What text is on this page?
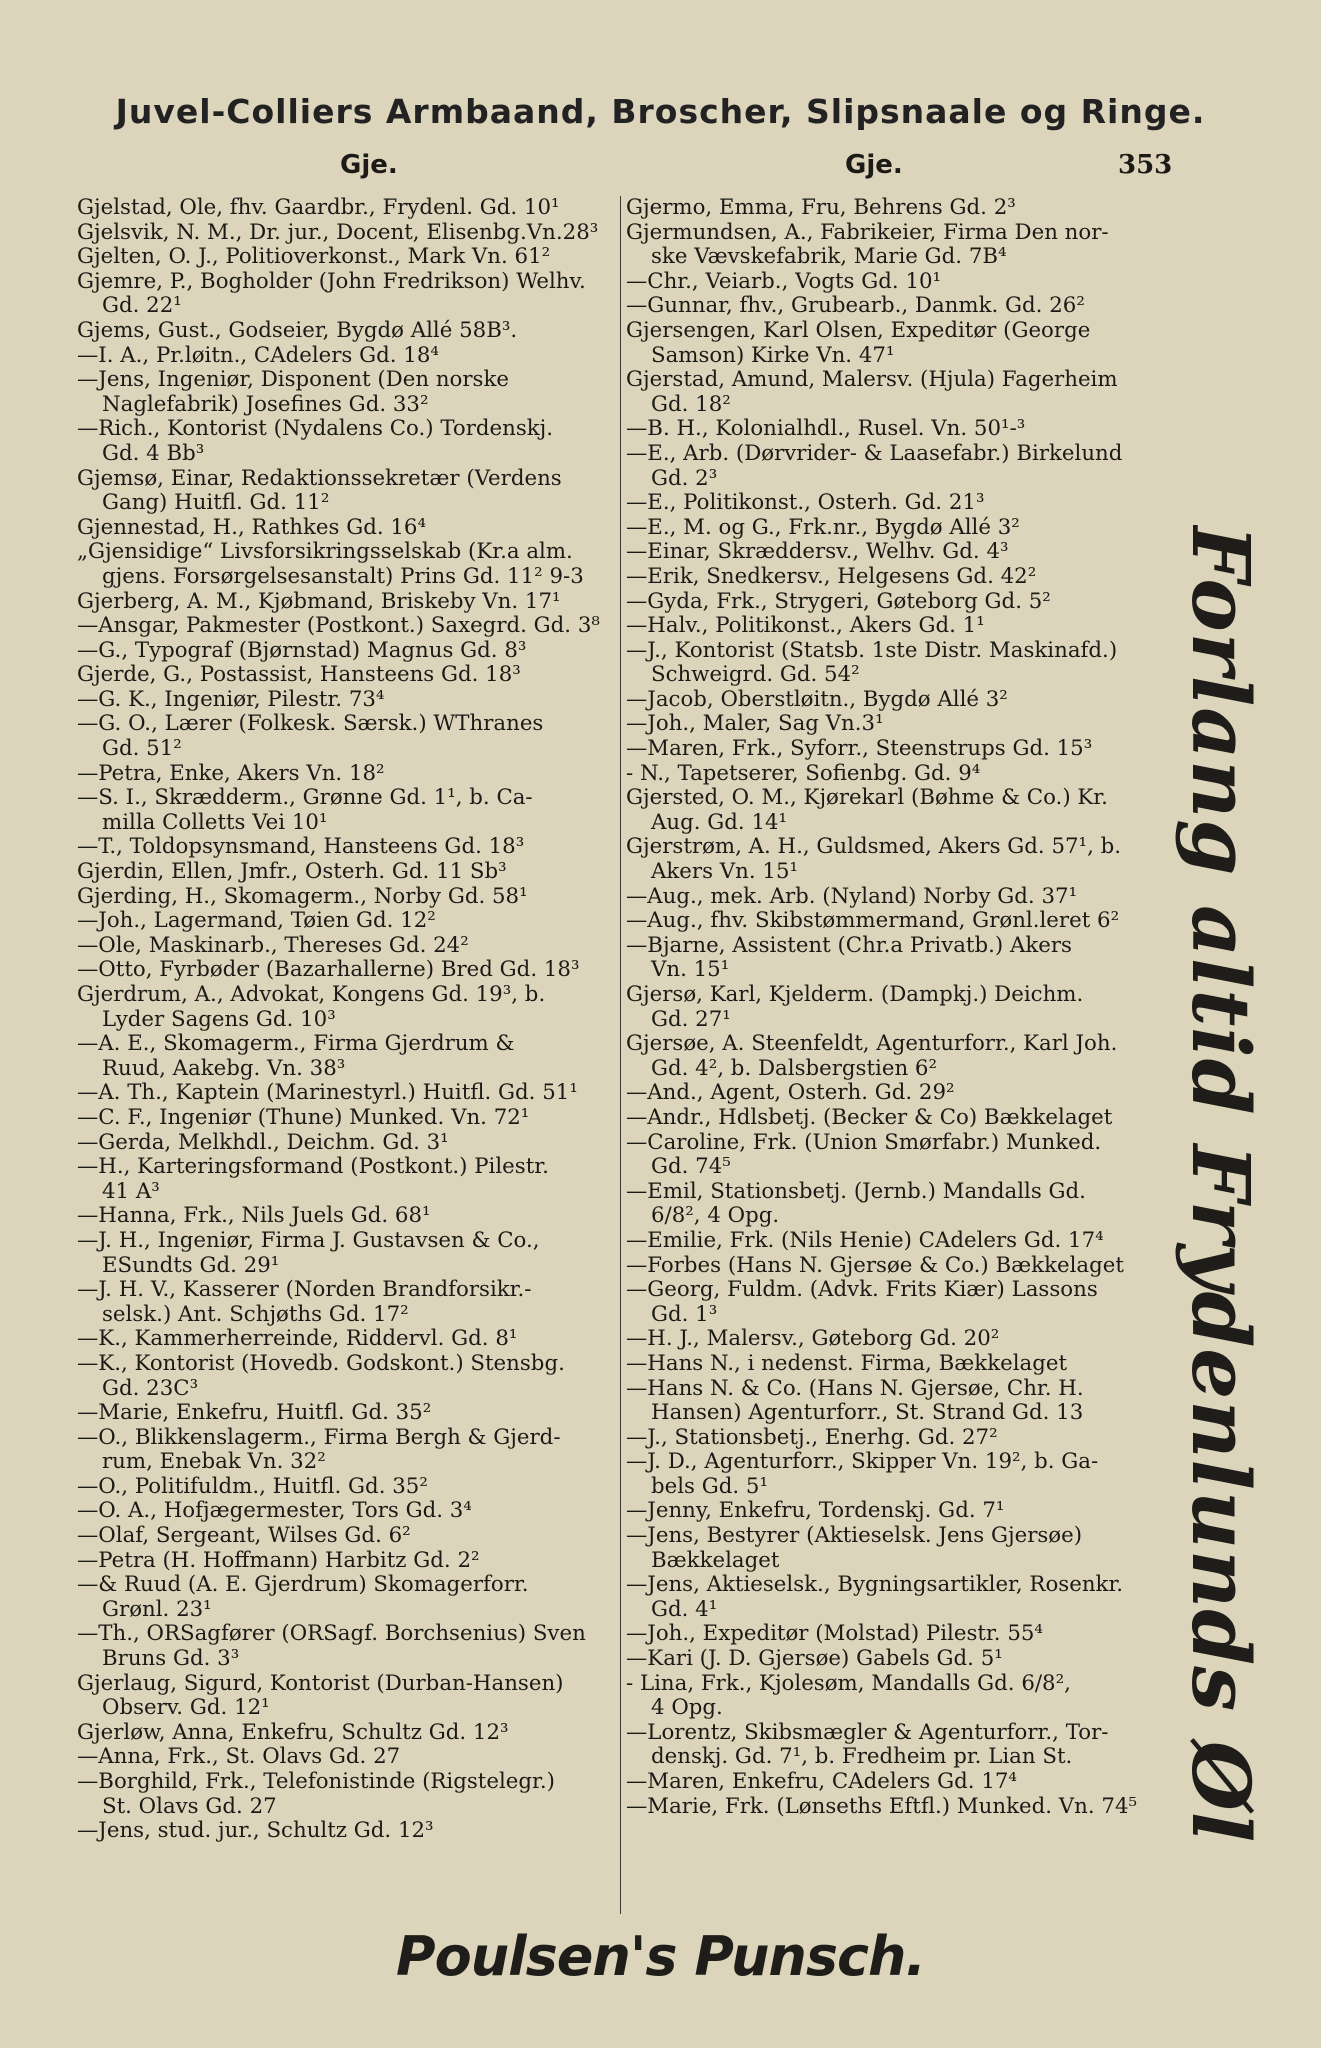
Juvel-Colliers Armbaand, Broscher, Slipsnaale og Ringe.
Gje.	Gje.	353
Gjelstad, Ole, fhv. Gaardbr., Frydenl. Gd. 10¹
Gjelsvik, N. M., Dr. jur., Docent, Elisenbg.Vn.28³
Gjelten, O. J., Politioverkonst., Mark Vn. 61²
Gjemre, P., Bogholder (John Fredrikson) Welhv.
Gd. 22¹
Gjems, Gust., Godseier, Bygdø Allé 58B³.
—I. A., Pr.løitn., CAdelers Gd. 18⁴
—Jens, Ingeniør, Disponent (Den norske
Naglefabrik) Josefines Gd. 33²
—Rich., Kontorist (Nydalens Co.) Tordenskj.
Gd. 4 Bb³
Gjemsø, Einar, Redaktionssekretær (Verdens
Gang) Huitfl. Gd. 11²
Gjennestad, H., Rathkes Gd. 16⁴
„Gjensidige“ Livsforsikringsselskab (Kr.a alm.
gjens. Forsørgelsesanstalt) Prins Gd. 11² 9-3
Gjerberg, A. M., Kjøbmand, Briskeby Vn. 17¹
—Ansgar, Pakmester (Postkont.) Saxegrd. Gd. 3⁸
—G., Typograf (Bjørnstad) Magnus Gd. 8³
Gjerde, G., Postassist, Hansteens Gd. 18³
—G. K., Ingeniør, Pilestr. 73⁴
—G. O., Lærer (Folkesk. Særsk.) WThranes
Gd. 51²
—Petra, Enke, Akers Vn. 18²
—S. I., Skrædderm., Grønne Gd. 1¹, b. Ca-
milla Colletts Vei 10¹
—T., Toldopsynsmand, Hansteens Gd. 18³
Gjerdin, Ellen, Jmfr., Osterh. Gd. 11 Sb³
Gjerding, H., Skomagerm., Norby Gd. 58¹
—Joh., Lagermand, Tøien Gd. 12²
—Ole, Maskinarb., Thereses Gd. 24²
—Otto, Fyrbøder (Bazarhallerne) Bred Gd. 18³
Gjerdrum, A., Advokat, Kongens Gd. 19³, b.
Lyder Sagens Gd. 10³
—A. E., Skomagerm., Firma Gjerdrum &
Ruud, Aakebg. Vn. 38³
—A. Th., Kaptein (Marinestyrl.) Huitfl. Gd. 51¹
—C. F., Ingeniør (Thune) Munked. Vn. 72¹
—Gerda, Melkhdl., Deichm. Gd. 3¹
—H., Karteringsformand (Postkont.) Pilestr.
41 A³
—Hanna, Frk., Nils Juels Gd. 68¹
—J. H., Ingeniør, Firma J. Gustavsen & Co.,
ESundts Gd. 29¹
—J. H. V., Kasserer (Norden Brandforsikr.-
selsk.) Ant. Schjøths Gd. 17²
—K., Kammerherreinde, Riddervl. Gd. 8¹
—K., Kontorist (Hovedb. Godskont.) Stensbg.
Gd. 23C³
—Marie, Enkefru, Huitfl. Gd. 35²
—O., Blikkenslagerm., Firma Bergh & Gjerd-
rum, Enebak Vn. 32²
—O., Politifuldm., Huitfl. Gd. 35²
—O. A., Hofjægermester, Tors Gd. 3⁴
—Olaf, Sergeant, Wilses Gd. 6²
—Petra (H. Hoffmann) Harbitz Gd. 2²
—& Ruud (A. E. Gjerdrum) Skomagerforr.
Grønl. 23¹
—Th., ORSagfører (ORSagf. Borchsenius) Sven
Bruns Gd. 3³
Gjerlaug, Sigurd, Kontorist (Durban-Hansen)
Observ. Gd. 12¹
Gjerløw, Anna, Enkefru, Schultz Gd. 12³
—Anna, Frk., St. Olavs Gd. 27
—Borghild, Frk., Telefonistinde (Rigstelegr.)
St. Olavs Gd. 27
—Jens, stud. jur., Schultz Gd. 12³
Gjermo, Emma, Fru, Behrens Gd. 2³
Gjermundsen, A., Fabrikeier, Firma Den nor-
ske Vævskefabrik, Marie Gd. 7B⁴
—Chr., Veiarb., Vogts Gd. 10¹
—Gunnar, fhv., Grubearb., Danmk. Gd. 26²
Gjersengen, Karl Olsen, Expeditør (George
Samson) Kirke Vn. 47¹
Gjerstad, Amund, Malersv. (Hjula) Fagerheim
Gd. 18²
—B. H., Kolonialhdl., Rusel. Vn. 50¹-³
—E., Arb. (Dørvrider- & Laasefabr.) Birkelund
Gd. 2³
—E., Politikonst., Osterh. Gd. 21³
—E., M. og G., Frk.nr., Bygdø Allé 3²
—Einar, Skræddersv., Welhv. Gd. 4³
—Erik, Snedkersv., Helgesens Gd. 42²
—Gyda, Frk., Strygeri, Gøteborg Gd. 5²
—Halv., Politikonst., Akers Gd. 1¹
—J., Kontorist (Statsb. 1ste Distr. Maskinafd.)
Schweigrd. Gd. 54²
—Jacob, Oberstløitn., Bygdø Allé 3²
—Joh., Maler, Sag Vn.3¹
—Maren, Frk., Syforr., Steenstrups Gd. 15³
- N., Tapetserer, Sofienbg. Gd. 9⁴
Gjersted, O. M., Kjørekarl (Bøhme & Co.) Kr.
Aug. Gd. 14¹
Gjerstrøm, A. H., Guldsmed, Akers Gd. 57¹, b.
Akers Vn. 15¹
—Aug., mek. Arb. (Nyland) Norby Gd. 37¹
—Aug., fhv. Skibstømmermand, Grønl.leret 6²
—Bjarne, Assistent (Chr.a Privatb.) Akers
Vn. 15¹
Gjersø, Karl, Kjelderm. (Dampkj.) Deichm.
Gd. 27¹
Gjersøe, A. Steenfeldt, Agenturforr., Karl Joh.
Gd. 4², b. Dalsbergstien 6²
—And., Agent, Osterh. Gd. 29²
—Andr., Hdlsbetj. (Becker & Co) Bækkelaget
—Caroline, Frk. (Union Smørfabr.) Munked.
Gd. 74⁵
—Emil, Stationsbetj. (Jernb.) Mandalls Gd.
6/8², 4 Opg.
—Emilie, Frk. (Nils Henie) CAdelers Gd. 17⁴
—Forbes (Hans N. Gjersøe & Co.) Bækkelaget
—Georg, Fuldm. (Advk. Frits Kiær) Lassons
Gd. 1³
—H. J., Malersv., Gøteborg Gd. 20²
—Hans N., i nedenst. Firma, Bækkelaget
—Hans N. & Co. (Hans N. Gjersøe, Chr. H.
Hansen) Agenturforr., St. Strand Gd. 13
—J., Stationsbetj., Enerhg. Gd. 27²
—J. D., Agenturforr., Skipper Vn. 19², b. Ga-
bels Gd. 5¹
—Jenny, Enkefru, Tordenskj. Gd. 7¹
—Jens, Bestyrer (Aktieselsk. Jens Gjersøe)
Bækkelaget
—Jens, Aktieselsk., Bygningsartikler, Rosenkr.
Gd. 4¹
—Joh., Expeditør (Molstad) Pilestr. 55⁴
—Kari (J. D. Gjersøe) Gabels Gd. 5¹
- Lina, Frk., Kjolesøm, Mandalls Gd. 6/8²,
4 Opg.
—Lorentz, Skibsmægler & Agenturforr., Tor-
denskj. Gd. 7¹, b. Fredheim pr. Lian St.
—Maren, Enkefru, CAdelers Gd. 17⁴
—Marie, Frk. (Lønseths Eftfl.) Munked. Vn. 74⁵ Forlang altid Frydenlunds Øl
Poulsen's Punsch.
